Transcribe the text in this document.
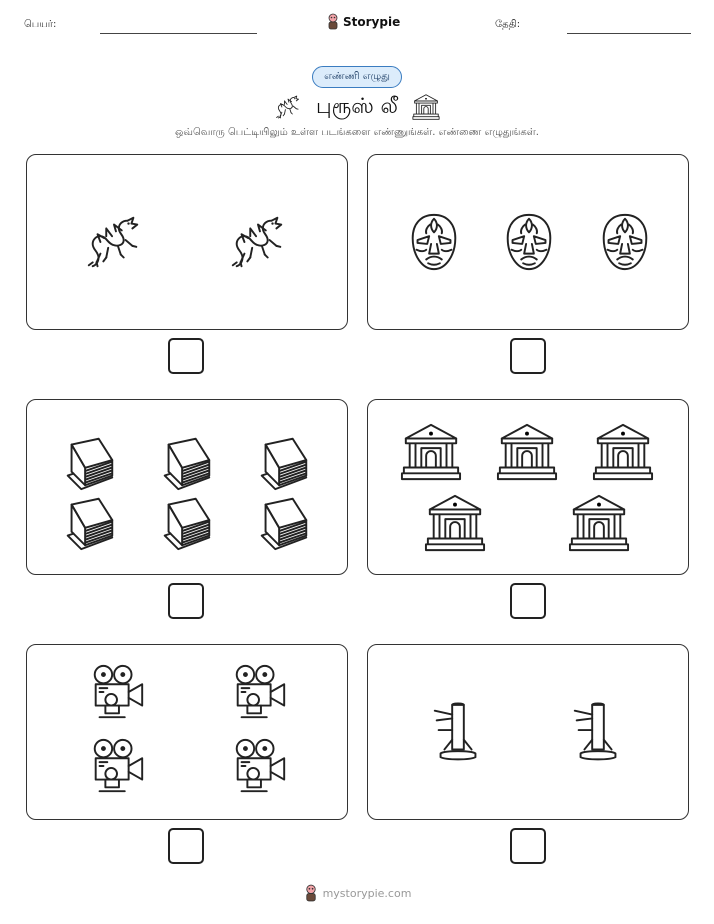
பெயர்:	Storypie	தேதி:
எண்ணி எழுது
புரூஸ் லீ
ஒவ்வொரு பெட்டியிலும் உள்ள படங்களை எண்ணுங்கள். எண்ணை எழுதுங்கள்.
mystorypie.com
